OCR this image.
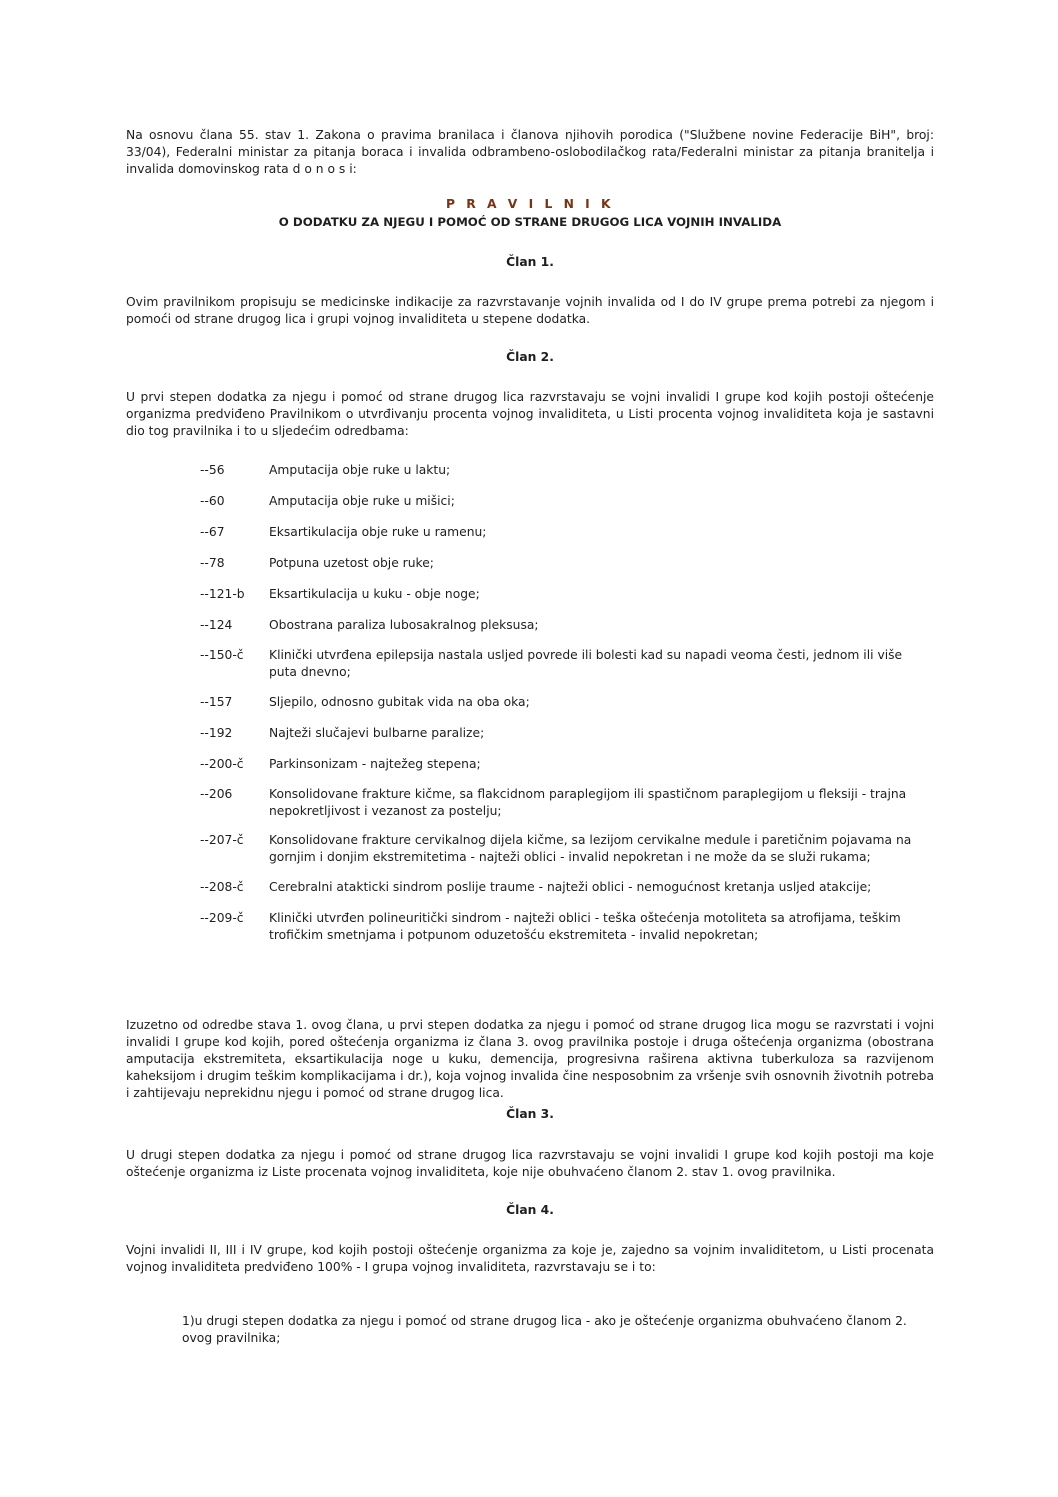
Na osnovu člana 55. stav 1. Zakona o pravima branilaca i članova njihovih porodica ("Službene novine Federacije BiH", broj: 33/04), Federalni ministar za pitanja boraca i invalida odbrambeno-oslobodilačkog rata/Federalni ministar za pitanja branitelja i invalida domovinskog rata d o n o s i:

P R A V I L N I K

O DODATKU ZA NJEGU I POMOĆ OD STRANE DRUGOG LICA VOJNIH INVALIDA

Član 1.

Ovim pravilnikom propisuju se medicinske indikacije za razvrstavanje vojnih invalida od I do IV grupe prema potrebi za njegom i pomoći od strane drugog lica i grupi vojnog invaliditeta u stepene dodatka.

Član 2.

U prvi stepen dodatka za njegu i pomoć od strane drugog lica razvrstavaju se vojni invalidi I grupe kod kojih postoji oštećenje organizma predviđeno Pravilnikom o utvrđivanju procenta vojnog invaliditeta, u Listi procenta vojnog invaliditeta koja je sastavni dio tog pravilnika i to u sljedećim odredbama:

--56	Amputacija obje ruke u laktu;
--60	Amputacija obje ruke u mišici;
--67	Eksartikulacija obje ruke u ramenu;
--78	Potpuna uzetost obje ruke;
--121-b	Eksartikulacija u kuku - obje noge;
--124	Obostrana paraliza lubosakralnog pleksusa;
--150-č	Klinički utvrđena epilepsija nastala usljed povrede ili bolesti kad su napadi veoma česti, jednom ili više puta dnevno;
--157	Sljepilo, odnosno gubitak vida na oba oka;
--192	Najteži slučajevi bulbarne paralize;
--200-č	Parkinsonizam - najtežeg stepena;
--206	Konsolidovane frakture kičme, sa flakcidnom paraplegijom ili spastičnom paraplegijom u fleksiji - trajna nepokretljivost i vezanost za postelju;
--207-č	Konsolidovane frakture cervikalnog dijela kičme, sa lezijom cervikalne medule i paretičnim pojavama na gornjim i donjim ekstremitetima - najteži oblici - invalid nepokretan i ne može da se služi rukama;
--208-č	Cerebralni atakticki sindrom poslije traume - najteži oblici - nemogućnost kretanja usljed atakcije;
--209-č	Klinički utvrđen polineuritički sindrom - najteži oblici - teška oštećenja motoliteta sa atrofijama, teškim trofičkim smetnjama i potpunom oduzetošću ekstremiteta - invalid nepokretan;

Izuzetno od odredbe stava 1. ovog člana, u prvi stepen dodatka za njegu i pomoć od strane drugog lica mogu se razvrstati i vojni invalidi I grupe kod kojih, pored oštećenja organizma iz člana 3. ovog pravilnika postoje i druga oštećenja organizma (obostrana amputacija ekstremiteta, eksartikulacija noge u kuku, demencija, progresivna raširena aktivna tuberkuloza sa razvijenom kaheksijom i drugim teškim komplikacijama i dr.), koja vojnog invalida čine nesposobnim za vršenje svih osnovnih životnih potreba i zahtijevaju neprekidnu njegu i pomoć od strane drugog lica.

Član 3.

U drugi stepen dodatka za njegu i pomoć od strane drugog lica razvrstavaju se vojni invalidi I grupe kod kojih postoji ma koje oštećenje organizma iz Liste procenata vojnog invaliditeta, koje nije obuhvaćeno članom 2. stav 1. ovog pravilnika.

Član 4.

Vojni invalidi II, III i IV grupe, kod kojih postoji oštećenje organizma za koje je, zajedno sa vojnim invaliditetom, u Listi procenata vojnog invaliditeta predviđeno 100% - I grupa vojnog invaliditeta, razvrstavaju se i to:

1)u drugi stepen dodatka za njegu i pomoć od strane drugog lica - ako je oštećenje organizma obuhvaćeno članom 2. ovog pravilnika;
